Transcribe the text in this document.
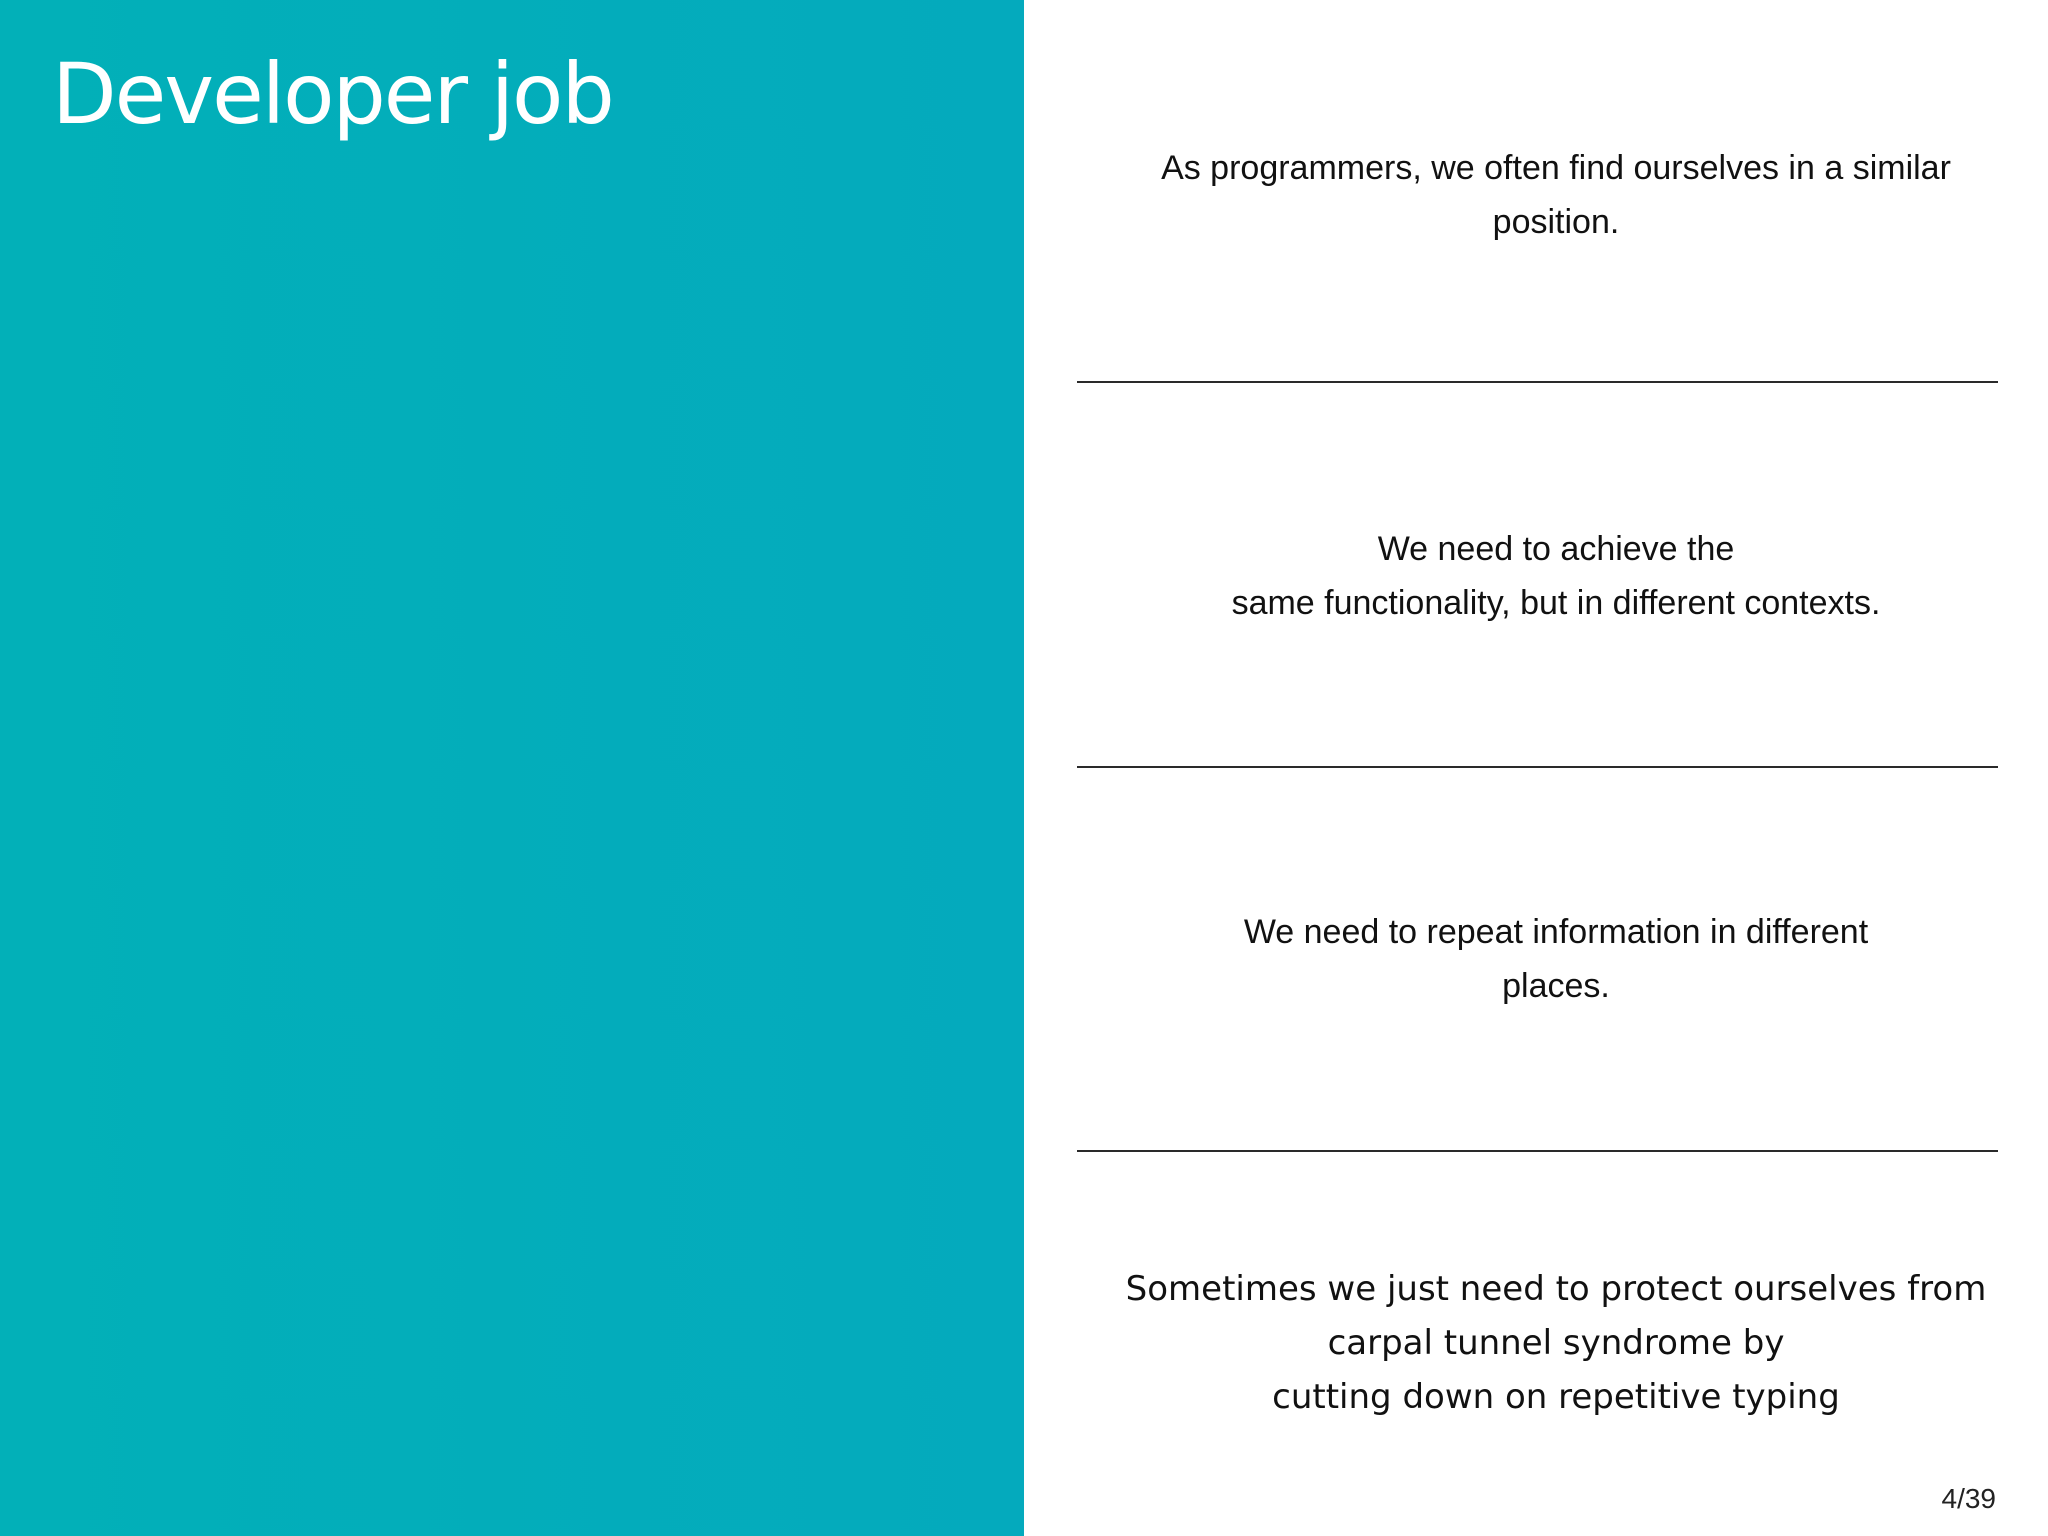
Developer job
As programmers, we often find ourselves in a similar
position.
We need to achieve the
same functionality, but in different contexts.
We need to repeat information in different
places.
Sometimes we just need to protect ourselves from
carpal tunnel syndrome by
cutting down on repetitive typing
4/39
